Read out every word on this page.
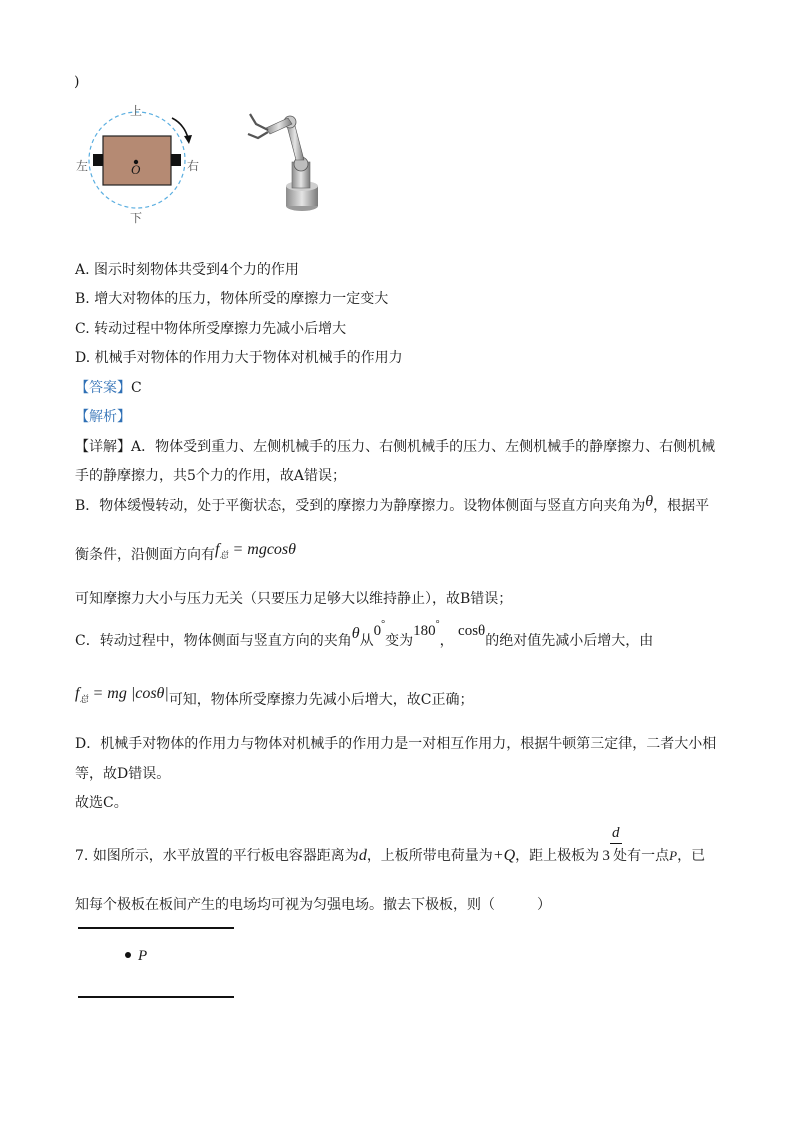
)
上
下
左	右
O
A. 图示时刻物体共受到4个力的作用
B. 增大对物体的压力，物体所受的摩擦力一定变大
C. 转动过程中物体所受摩擦力先减小后增大
D. 机械手对物体的作用力大于物体对机械手的作用力
【答案】C
【解析】
【详解】A．物体受到重力、左侧机械手的压力、右侧机械手的压力、左侧机械手的静摩擦力、右侧机械
手的静摩擦力，共5个力的作用，故A错误；
B．物体缓慢转动，处于平衡状态，受到的摩擦力为静摩擦力。设物体侧面与竖直方向夹角为θ，根据平
衡条件，沿侧面方向有$f_总 = mgcos\theta$
可知摩擦力大小与压力无关（只要压力足够大以维持静止），故B错误；
C．转动过程中，物体侧面与竖直方向的夹角θ从0°变为180°， cosθ的绝对值先减小后增大，由
$f_总$ = mg |cosθ|可知，物体所受摩擦力先减小后增大，故C正确；
D．机械手对物体的作用力与物体对机械手的作用力是一对相互作用力，根据牛顿第三定律，二者大小相
等，故D错误。
故选C。
d
7. 如图所示，水平放置的平行板电容器距离为d，上板所带电荷量为+Q，距上极板为 3 处有一点P，已
知每个极板在板间产生的电场均可视为匀强电场。撤去下极板，则（　　　）
P
